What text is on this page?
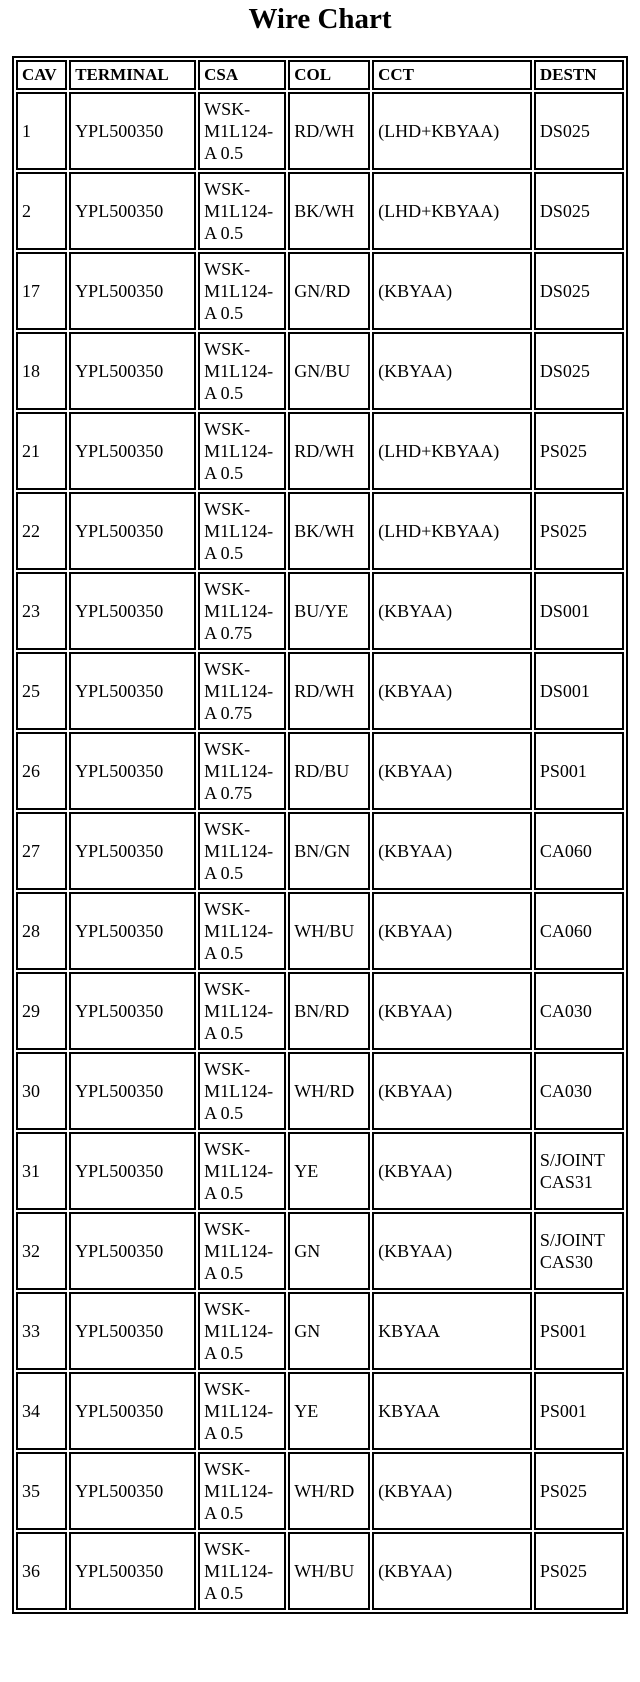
Wire Chart
CAV	TERMINAL	CSA	COL	CCT	DESTN
1	YPL500350	WSK-M1L124-A 0.5	RD/WH	(LHD+KBYAA)	DS025
2	YPL500350	WSK-M1L124-A 0.5	BK/WH	(LHD+KBYAA)	DS025
17	YPL500350	WSK-M1L124-A 0.5	GN/RD	(KBYAA)	DS025
18	YPL500350	WSK-M1L124-A 0.5	GN/BU	(KBYAA)	DS025
21	YPL500350	WSK-M1L124-A 0.5	RD/WH	(LHD+KBYAA)	PS025
22	YPL500350	WSK-M1L124-A 0.5	BK/WH	(LHD+KBYAA)	PS025
23	YPL500350	WSK-M1L124-A 0.75	BU/YE	(KBYAA)	DS001
25	YPL500350	WSK-M1L124-A 0.75	RD/WH	(KBYAA)	DS001
26	YPL500350	WSK-M1L124-A 0.75	RD/BU	(KBYAA)	PS001
27	YPL500350	WSK-M1L124-A 0.5	BN/GN	(KBYAA)	CA060
28	YPL500350	WSK-M1L124-A 0.5	WH/BU	(KBYAA)	CA060
29	YPL500350	WSK-M1L124-A 0.5	BN/RD	(KBYAA)	CA030
30	YPL500350	WSK-M1L124-A 0.5	WH/RD	(KBYAA)	CA030
31	YPL500350	WSK-M1L124-A 0.5	YE	(KBYAA)	S/JOINT CAS31
32	YPL500350	WSK-M1L124-A 0.5	GN	(KBYAA)	S/JOINT CAS30
33	YPL500350	WSK-M1L124-A 0.5	GN	KBYAA	PS001
34	YPL500350	WSK-M1L124-A 0.5	YE	KBYAA	PS001
35	YPL500350	WSK-M1L124-A 0.5	WH/RD	(KBYAA)	PS025
36	YPL500350	WSK-M1L124-A 0.5	WH/BU	(KBYAA)	PS025
